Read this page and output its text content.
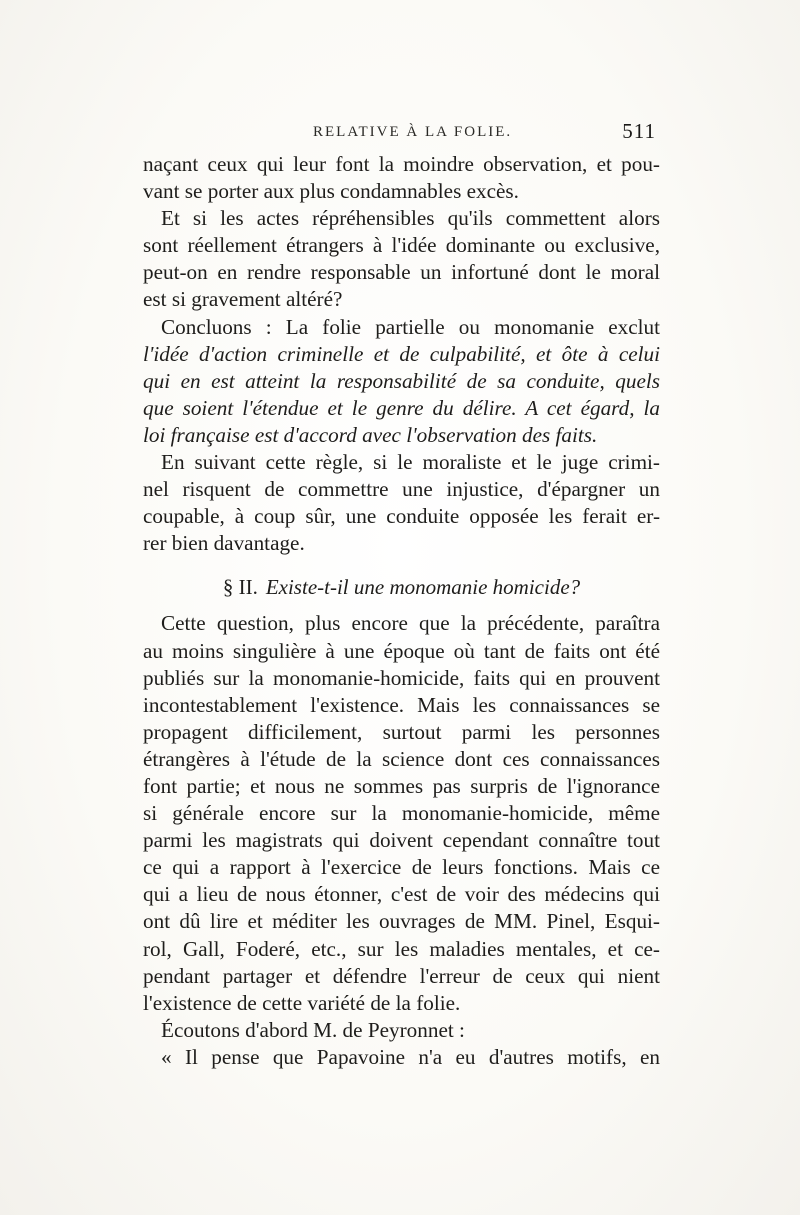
RELATIVE À LA FOLIE.	511
naçant ceux qui leur font la moindre observation, et pou-
vant se porter aux plus condamnables excès.
Et si les actes répréhensibles qu'ils commettent alors
sont réellement étrangers à l'idée dominante ou exclusive,
peut-on en rendre responsable un infortuné dont le moral
est si gravement altéré?
Concluons : La folie partielle ou monomanie exclut
l'idée d'action criminelle et de culpabilité, et ôte à celui
qui en est atteint la responsabilité de sa conduite, quels
que soient l'étendue et le genre du délire. A cet égard, la
loi française est d'accord avec l'observation des faits.
En suivant cette règle, si le moraliste et le juge crimi-
nel risquent de commettre une injustice, d'épargner un
coupable, à coup sûr, une conduite opposée les ferait er-
rer bien davantage.
§ II. Existe-t-il une monomanie homicide?
Cette question, plus encore que la précédente, paraîtra
au moins singulière à une époque où tant de faits ont été
publiés sur la monomanie-homicide, faits qui en prouvent
incontestablement l'existence. Mais les connaissances se
propagent difficilement, surtout parmi les personnes
étrangères à l'étude de la science dont ces connaissances
font partie; et nous ne sommes pas surpris de l'ignorance
si générale encore sur la monomanie-homicide, même
parmi les magistrats qui doivent cependant connaître tout
ce qui a rapport à l'exercice de leurs fonctions. Mais ce
qui a lieu de nous étonner, c'est de voir des médecins qui
ont dû lire et méditer les ouvrages de MM. Pinel, Esqui-
rol, Gall, Foderé, etc., sur les maladies mentales, et ce-
pendant partager et défendre l'erreur de ceux qui nient
l'existence de cette variété de la folie.
Écoutons d'abord M. de Peyronnet :
« Il pense que Papavoine n'a eu d'autres motifs, en
